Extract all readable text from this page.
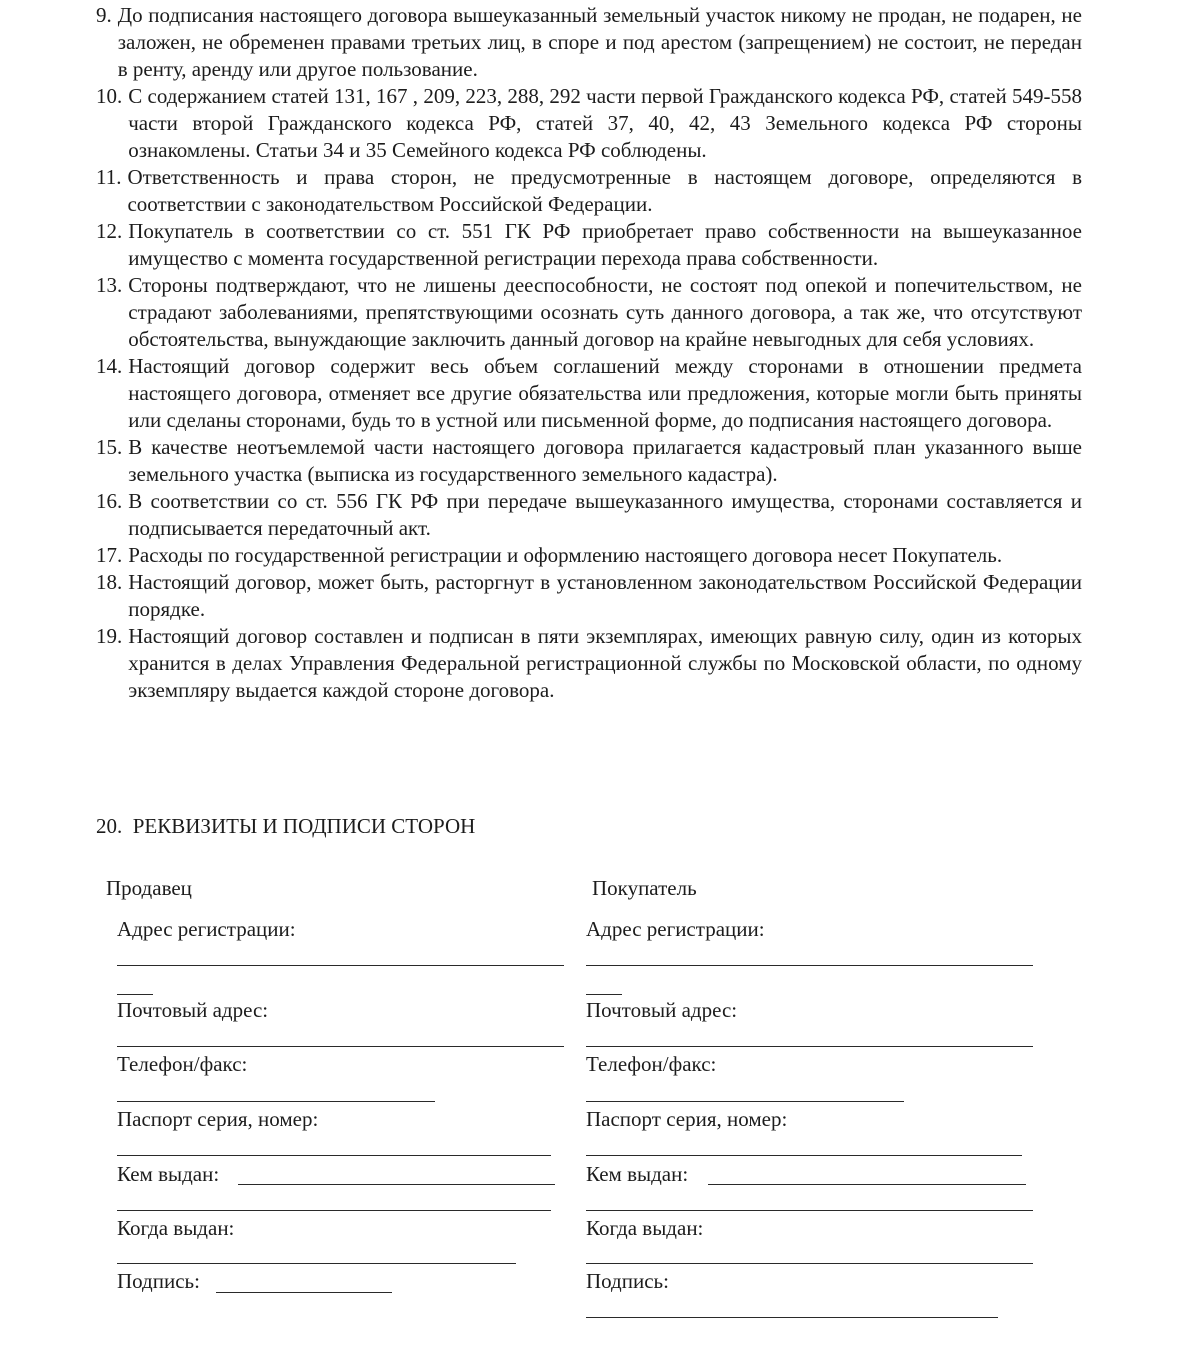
9. До подписания настоящего договора вышеуказанный земельный участок никому не продан, не подарен, не заложен, не обременен правами третьих лиц, в споре и под арестом (запрещением) не состоит, не передан в ренту, аренду или другое пользование.
10. С содержанием статей 131, 167 , 209, 223, 288, 292 части первой Гражданского кодекса РФ, статей 549-558 части второй Гражданского кодекса РФ, статей 37, 40, 42, 43 Земельного кодекса РФ стороны ознакомлены. Статьи 34 и 35 Семейного кодекса РФ соблюдены.
11. Ответственность и права сторон, не предусмотренные в настоящем договоре, определяются в соответствии с законодательством Российской Федерации.
12. Покупатель в соответствии со ст. 551 ГК РФ приобретает право собственности на вышеуказанное имущество с момента государственной регистрации перехода права собственности.
13. Стороны подтверждают, что не лишены дееспособности, не состоят под опекой и попечительством, не страдают заболеваниями, препятствующими осознать суть данного договора, а так же, что отсутствуют обстоятельства, вынуждающие заключить данный договор на крайне невыгодных для себя условиях.
14. Настоящий договор содержит весь объем соглашений между сторонами в отношении предмета настоящего договора, отменяет все другие обязательства или предложения, которые могли быть приняты или сделаны сторонами, будь то в устной или письменной форме, до подписания настоящего договора.
15. В качестве неотъемлемой части настоящего договора прилагается кадастровый план указанного выше земельного участка (выписка из государственного земельного кадастра).
16. В соответствии со ст. 556 ГК РФ при передаче вышеуказанного имущества, сторонами составляется и подписывается передаточный акт.
17. Расходы по государственной регистрации и оформлению настоящего договора несет Покупатель.
18. Настоящий договор, может быть, расторгнут в установленном законодательством Российской Федерации порядке.
19. Настоящий договор составлен и подписан в пяти экземплярах, имеющих равную силу, один из которых хранится в делах Управления Федеральной регистрационной службы по Московской области, по одному экземпляру выдается каждой стороне договора.
20.  РЕКВИЗИТЫ И ПОДПИСИ СТОРОН
Продавец
Адрес регистрации:
Почтовый адрес:
Телефон/факс:
Паспорт серия, номер:
Кем выдан:
Когда выдан:
Подпись:
Покупатель
Адрес регистрации:
Почтовый адрес:
Телефон/факс:
Паспорт серия, номер:
Кем выдан:
Когда выдан:
Подпись:
